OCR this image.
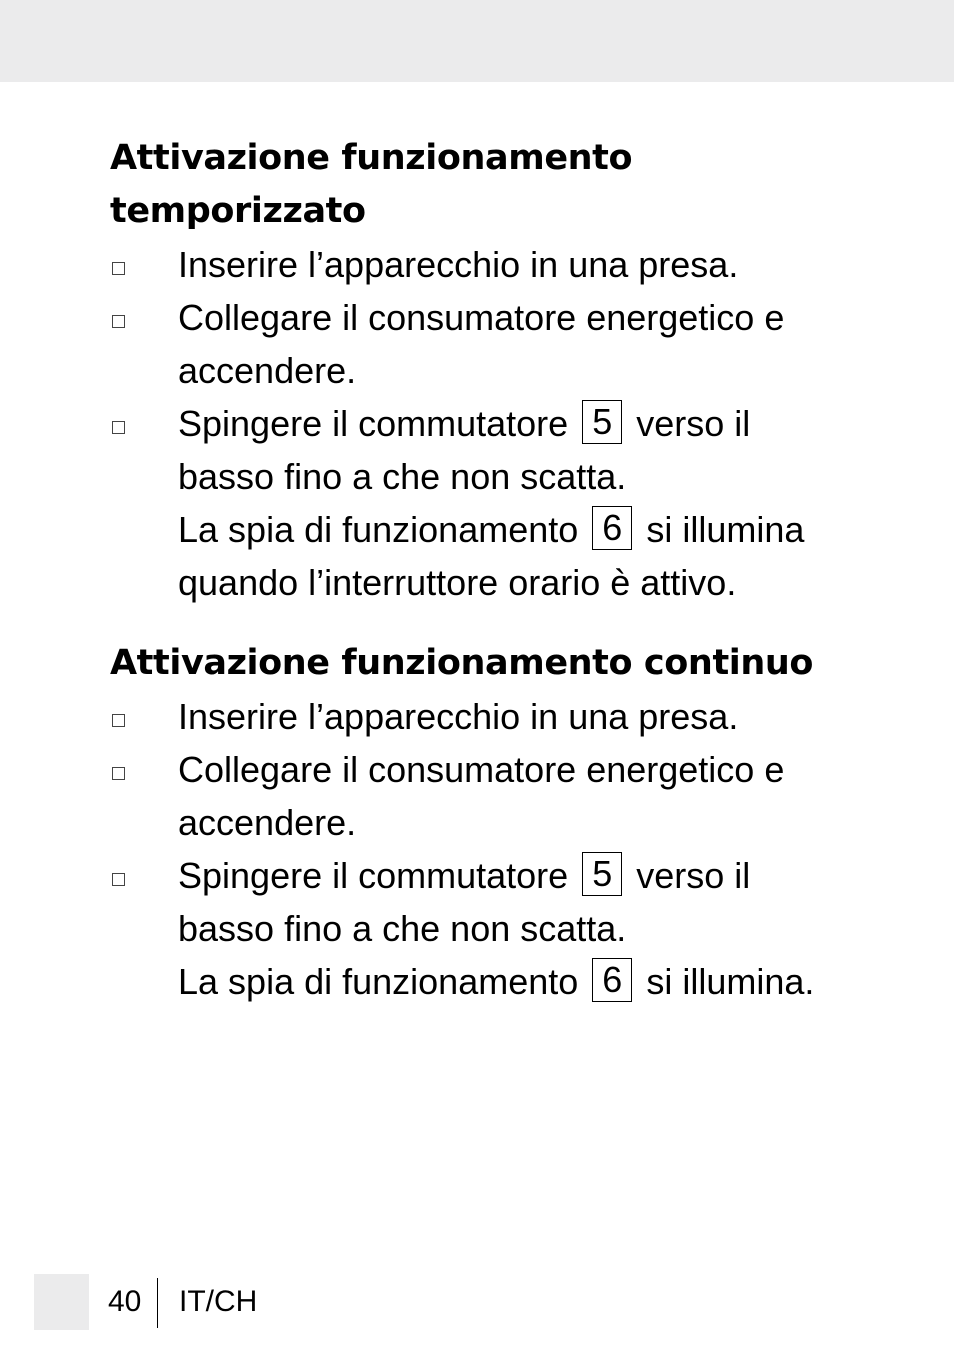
Attivazione funzionamento temporizzato
Inserire l’apparecchio in una presa.
Collegare il consumatore energetico e accendere.

Spingere il commutatore 5 verso il basso fino a che non scatta.

La spia di funzionamento 6 si illumina quando l’interruttore orario è attivo.

Attivazione funzionamento continuo
Inserire l’apparecchio in una presa.
Collegare il consumatore energetico e accendere.

Spingere il commutatore 5 verso il basso fino a che non scatta.

La spia di funzionamento 6 si illumina.

40 IT/CH
